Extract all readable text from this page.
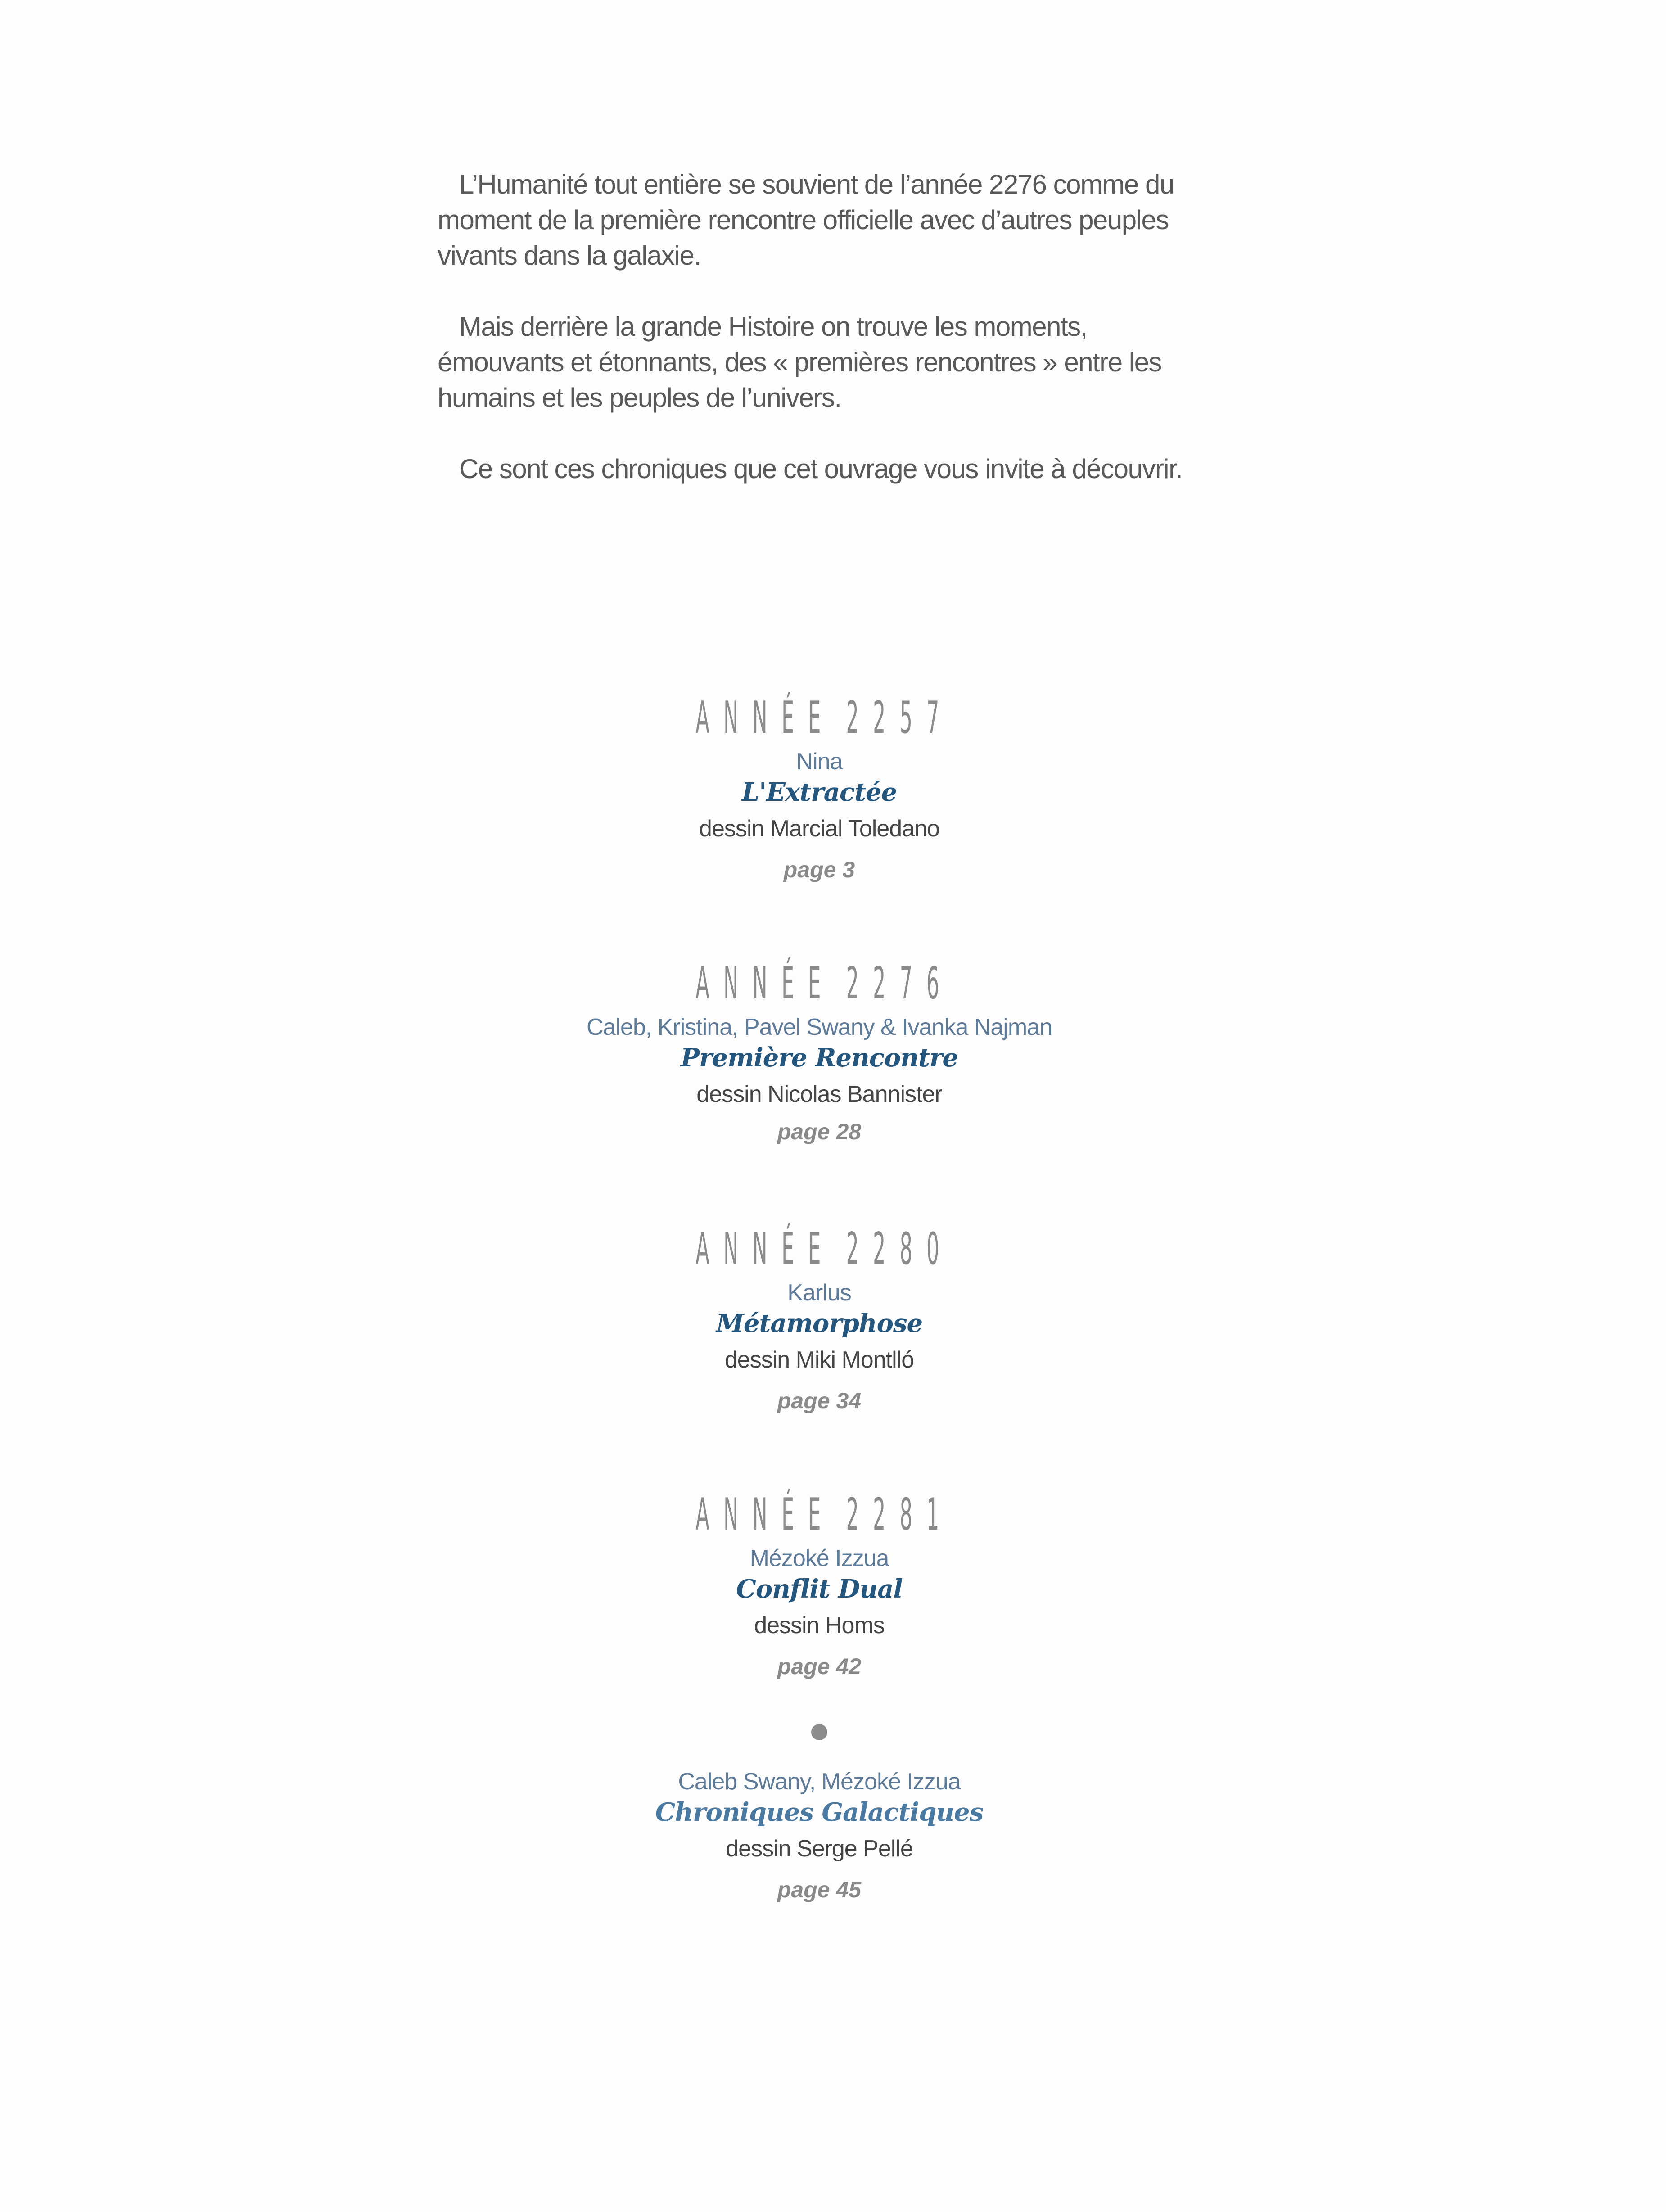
L’Humanité tout entière se souvient de l’année 2276 comme du moment de la première rencontre officielle avec d’autres peuples vivants dans la galaxie.

Mais derrière la grande Histoire on trouve les moments, émouvants et étonnants, des « premières rencontres » entre les humains et les peuples de l’univers.

Ce sont ces chroniques que cet ouvrage vous invite à découvrir.

ANNÉE 2257
Nina
L'Extractée
dessin Marcial Toledano
page 3
ANNÉE 2276
Caleb, Kristina, Pavel Swany & Ivanka Najman
Première Rencontre
dessin Nicolas Bannister
page 28
ANNÉE 2280
Karlus
Métamorphose
dessin Miki Montlló
page 34
ANNÉE 2281
Mézoké Izzua
Conflit Dual
dessin Homs
page 42
Caleb Swany, Mézoké Izzua
Chroniques Galactiques
dessin Serge Pellé
page 45
